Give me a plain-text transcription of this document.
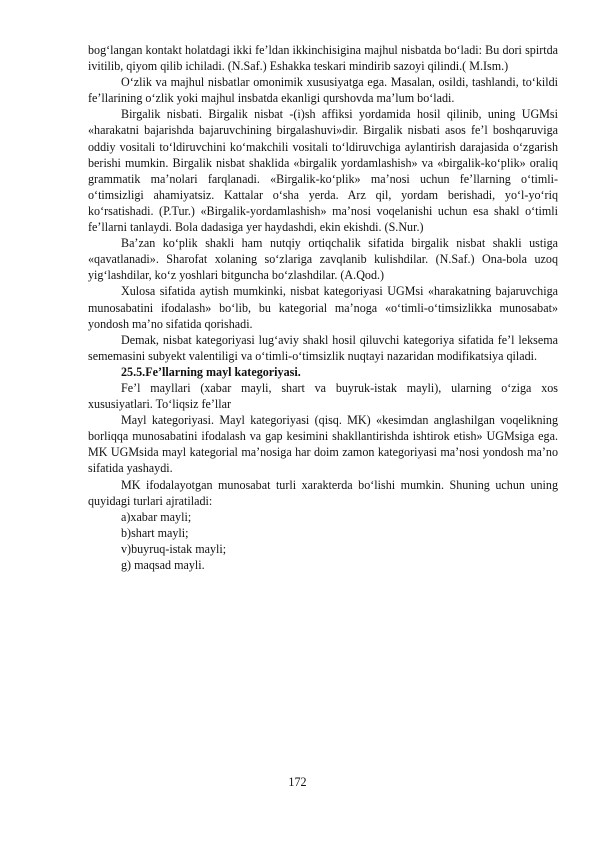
bog‘langan kontakt holatdagi ikki fe’ldan ikkinchisigina majhul nisbatda bo‘ladi: Bu dori spirtda ivitilib, qiyom qilib ichiladi. (N.Saf.) Eshakka teskari mindirib sazoyi qilindi.( M.Ism.)

O‘zlik va majhul nisbatlar omonimik xususiyatga ega. Masalan, osildi, tashlandi, to‘kildi fe’llarining o‘zlik yoki majhul insbatda ekanligi qurshovda ma’lum bo‘ladi.

Birgalik nisbati. Birgalik nisbat -(i)sh affiksi yordamida hosil qilinib, uning UGMsi «harakatni bajarishda bajaruvchining birgalashuvi»dir. Birgalik nisbati asos fe’l boshqaruviga oddiy vositali to‘ldiruvchini ko‘makchili vositali to‘ldiruvchiga aylantirish darajasida o‘zgarish berishi mumkin. Birgalik nisbat shaklida «birgalik yordamlashish» va «birgalik-ko‘plik» oraliq grammatik ma’nolari farqlanadi. «Birgalik-ko‘plik» ma’nosi uchun fe’llarning o‘timli-o‘timsizligi ahamiyatsiz. Kattalar o‘sha yerda. Arz qil, yordam berishadi, yo‘l-yo‘riq ko‘rsatishadi. (P.Tur.) «Birgalik-yordamlashish» ma’nosi voqelanishi uchun esa shakl o‘timli fe’llarni tanlaydi. Bola dadasiga yer haydashdi, ekin ekishdi. (S.Nur.)

Ba’zan ko‘plik shakli ham nutqiy ortiqchalik sifatida birgalik nisbat shakli ustiga «qavatlanadi». Sharofat xolaning so‘zlariga zavqlanib kulishdilar. (N.Saf.) Ona-bola uzoq yig‘lashdilar, ko‘z yoshlari bitguncha bo‘zlashdilar. (A.Qod.)

Xulosa sifatida aytish mumkinki, nisbat kategoriyasi UGMsi «harakatning bajaruvchiga munosabatini ifodalash» bo‘lib, bu kategorial ma’noga «o‘timli-o‘timsizlikka munosabat» yondosh ma’no sifatida qorishadi.

Demak, nisbat kategoriyasi lug‘aviy shakl hosil qiluvchi kategoriya sifatida fe’l leksema sememasini subyekt valentiligi va o‘timli-o‘timsizlik nuqtayi nazaridan modifikatsiya qiladi.

25.5.Fe’llarning mayl kategoriyasi.

Fe’l mayllari (xabar mayli, shart va buyruk-istak mayli), ularning o‘ziga xos xususiyatlari. To‘liqsiz fe’llar

Mayl kategoriyasi. Mayl kategoriyasi (qisq. MK) «kesimdan anglashilgan voqelikning borliqqa munosabatini ifodalash va gap kesimini shakllantirishda ishtirok etish» UGMsiga ega. MK UGMsida mayl kategorial ma’nosiga har doim zamon kategoriyasi ma’nosi yondosh ma’no sifatida yashaydi.

MK ifodalayotgan munosabat turli xarakterda bo‘lishi mumkin. Shuning uchun uning quyidagi turlari ajratiladi:

a)xabar mayli;
b)shart mayli;
v)buyruq-istak mayli;
g) maqsad mayli.
172
